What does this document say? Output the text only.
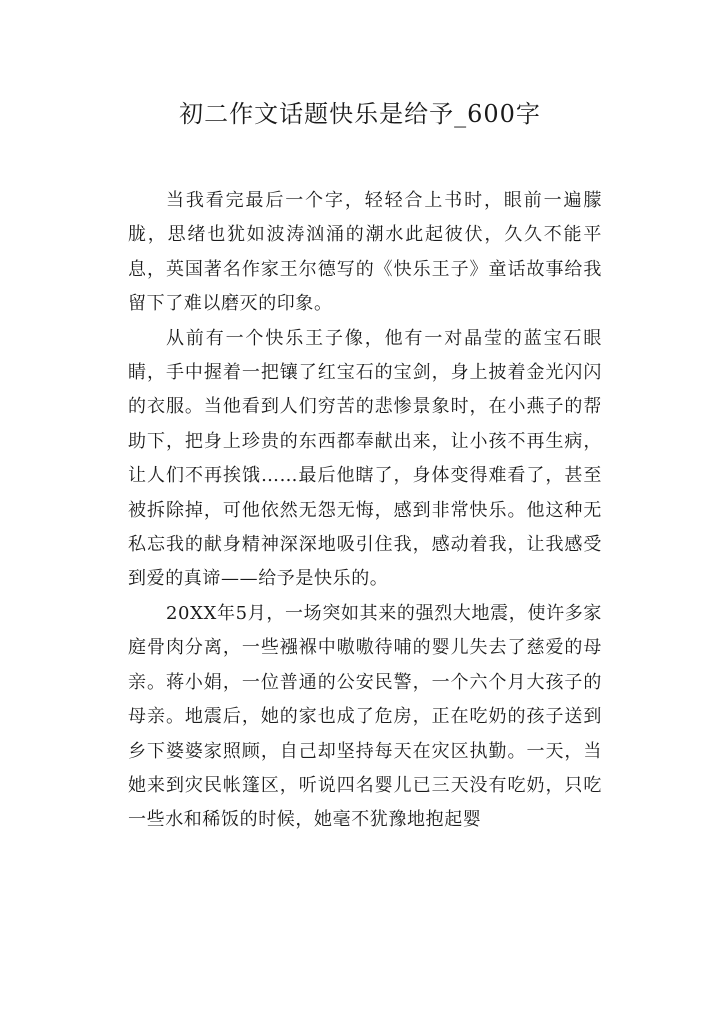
初二作文话题快乐是给予_600字

当我看完最后一个字，轻轻合上书时，眼前一遍朦胧，思绪也犹如波涛汹涌的潮水此起彼伏，久久不能平息，英国著名作家王尔德写的《快乐王子》童话故事给我留下了难以磨灭的印象。

从前有一个快乐王子像，他有一对晶莹的蓝宝石眼睛，手中握着一把镶了红宝石的宝剑，身上披着金光闪闪的衣服。当他看到人们穷苦的悲惨景象时，在小燕子的帮助下，把身上珍贵的东西都奉献出来，让小孩不再生病，让人们不再挨饿……最后他瞎了，身体变得难看了，甚至被拆除掉，可他依然无怨无悔，感到非常快乐。他这种无私忘我的献身精神深深地吸引住我，感动着我，让我感受到爱的真谛——给予是快乐的。

20XX年5月，一场突如其来的强烈大地震，使许多家庭骨肉分离，一些襁褓中嗷嗷待哺的婴儿失去了慈爱的母亲。蒋小娟，一位普通的公安民警，一个六个月大孩子的母亲。地震后，她的家也成了危房，正在吃奶的孩子送到乡下婆婆家照顾，自己却坚持每天在灾区执勤。一天，当她来到灾民帐篷区，听说四名婴儿已三天没有吃奶，只吃一些水和稀饭的时候，她毫不犹豫地抱起婴
